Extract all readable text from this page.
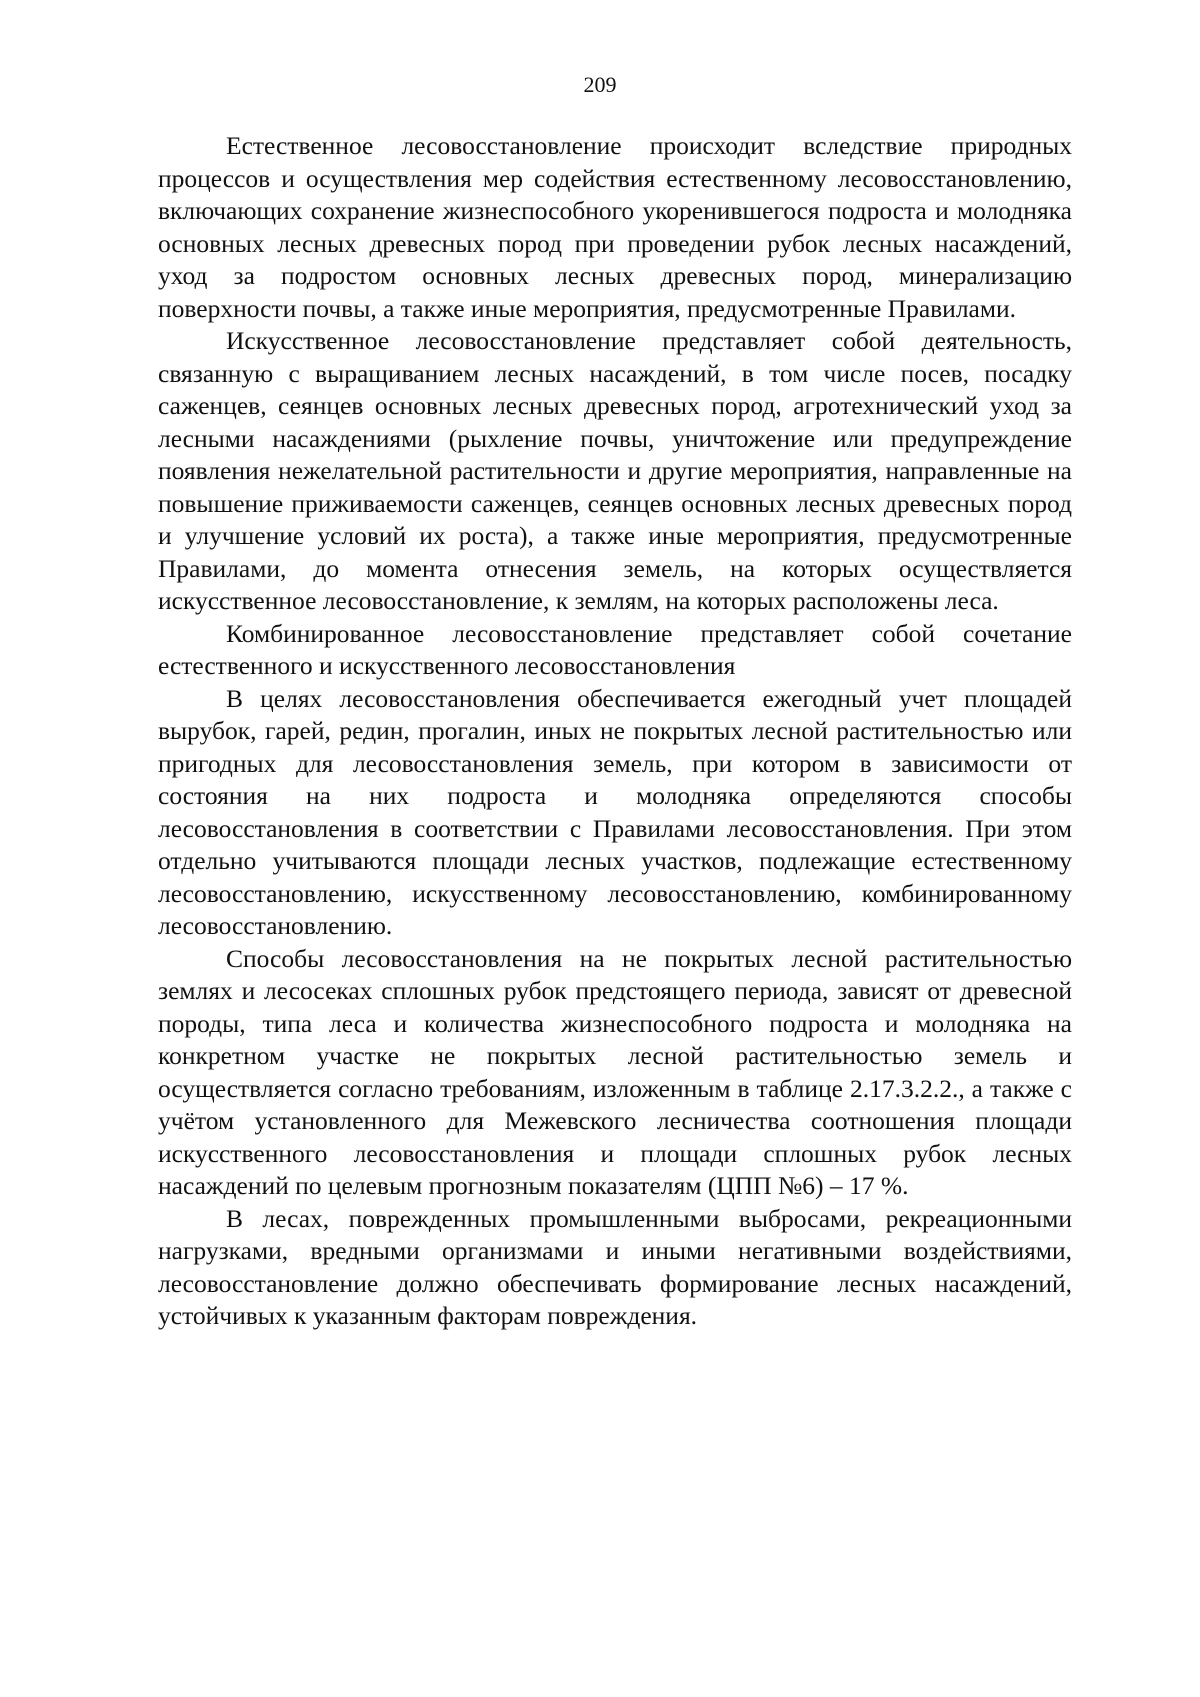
209

Естественное лесовосстановление происходит вследствие природных процессов и осуществления мер содействия естественному лесовосстановлению, включающих сохранение жизнеспособного укоренившегося подроста и молодняка основных лесных древесных пород при проведении рубок лесных насаждений, уход за подростом основных лесных древесных пород, минерализацию поверхности почвы, а также иные мероприятия, предусмотренные Правилами.

Искусственное лесовосстановление представляет собой деятельность, связанную с выращиванием лесных насаждений, в том числе посев, посадку саженцев, сеянцев основных лесных древесных пород, агротехнический уход за лесными насаждениями (рыхление почвы, уничтожение или предупреждение появления нежелательной растительности и другие мероприятия, направленные на повышение приживаемости саженцев, сеянцев основных лесных древесных пород и улучшение условий их роста), а также иные мероприятия, предусмотренные Правилами, до момента отнесения земель, на которых осуществляется искусственное лесовосстановление, к землям, на которых расположены леса.

Комбинированное лесовосстановление представляет собой сочетание естественного и искусственного лесовосстановления

В целях лесовосстановления обеспечивается ежегодный учет площадей вырубок, гарей, редин, прогалин, иных не покрытых лесной растительностью или пригодных для лесовосстановления земель, при котором в зависимости от состояния на них подроста и молодняка определяются способы лесовосстановления в соответствии с Правилами лесовосстановления. При этом отдельно учитываются площади лесных участков, подлежащие естественному лесовосстановлению, искусственному лесовосстановлению, комбинированному лесовосстановлению.

Способы лесовосстановления на не покрытых лесной растительностью землях и лесосеках сплошных рубок предстоящего периода, зависят от древесной породы, типа леса и количества жизнеспособного подроста и молодняка на конкретном участке не покрытых лесной растительностью земель и осуществляется согласно требованиям, изложенным в таблице 2.17.3.2.2., а также с учётом установленного для Межевского лесничества соотношения площади искусственного лесовосстановления и площади сплошных рубок лесных насаждений по целевым прогнозным показателям (ЦПП №6) – 17 %.

В лесах, поврежденных промышленными выбросами, рекреационными нагрузками, вредными организмами и иными негативными воздействиями, лесовосстановление должно обеспечивать формирование лесных насаждений, устойчивых к указанным факторам повреждения.
